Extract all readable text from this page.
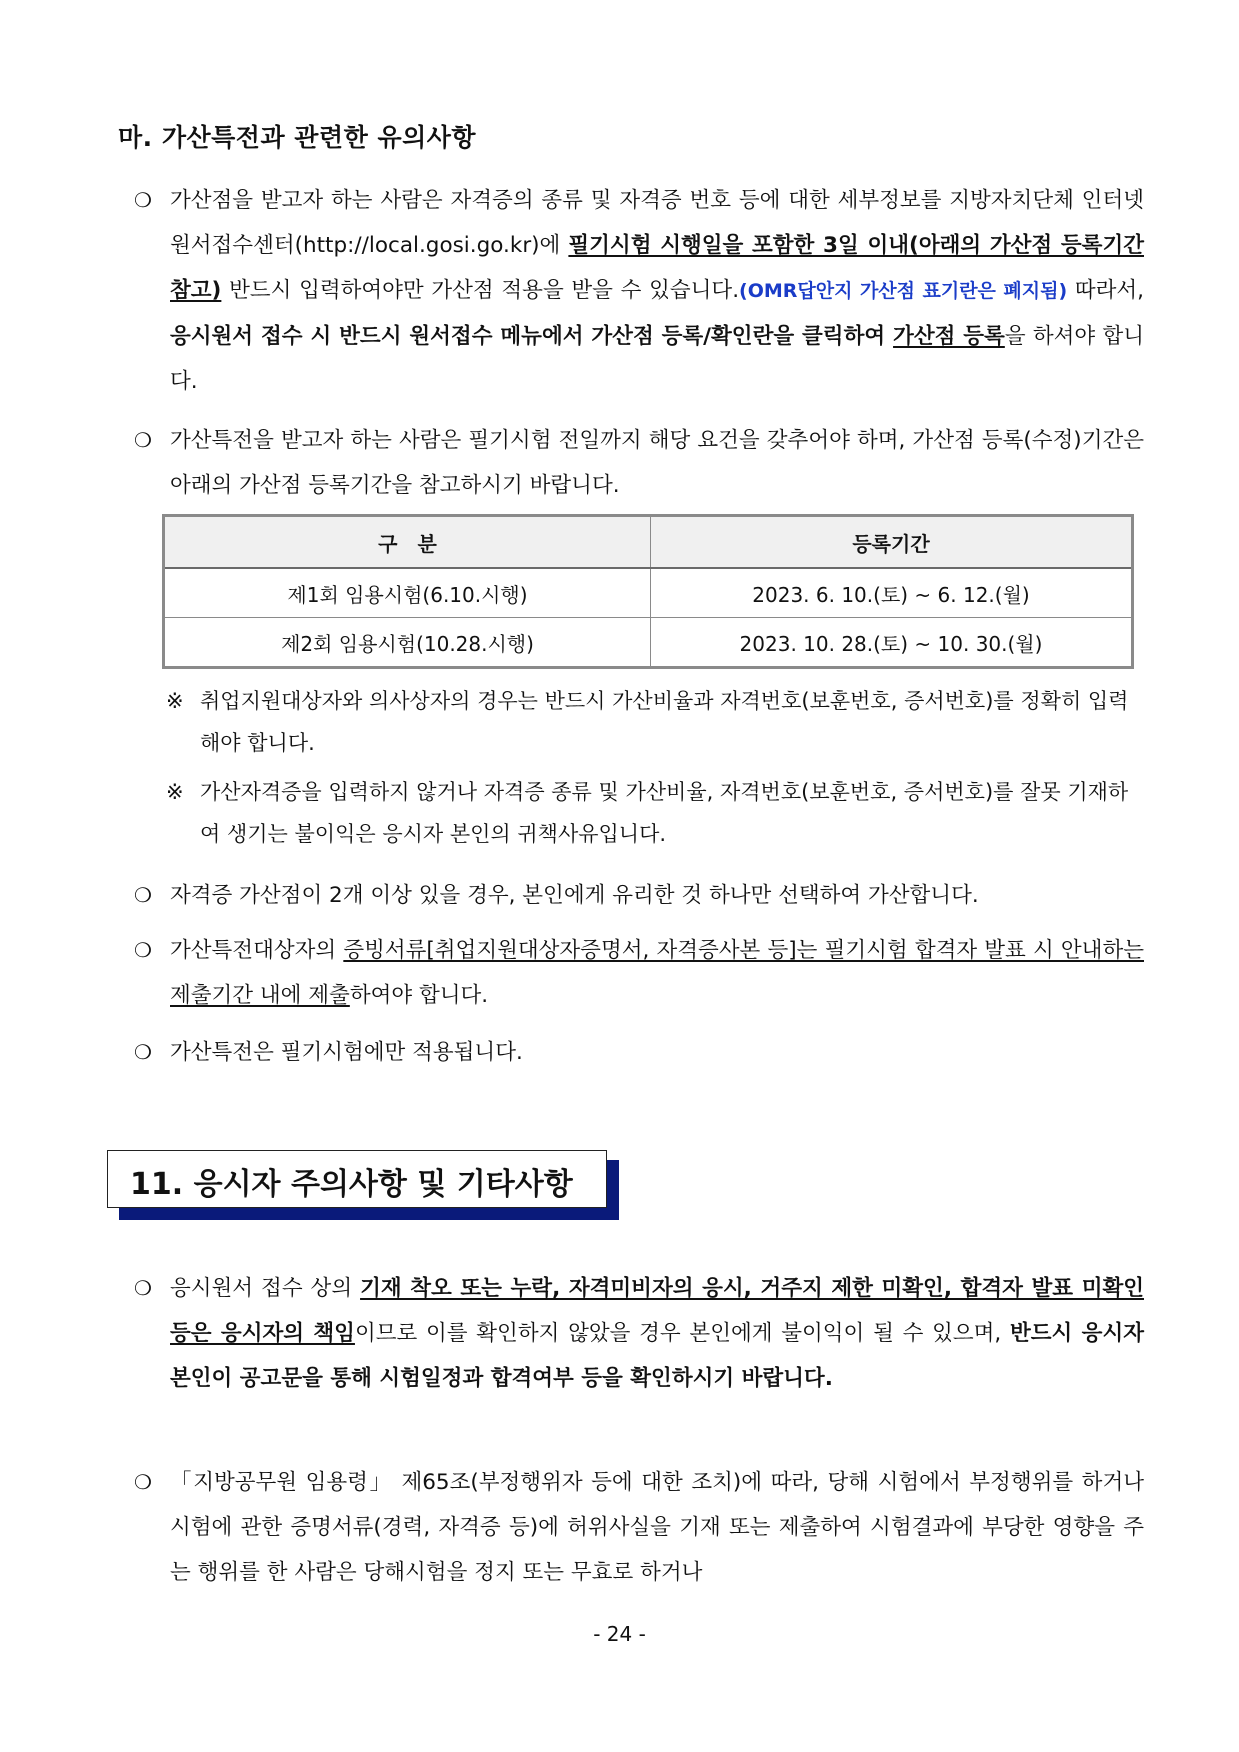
마. 가산특전과 관련한 유의사항
❍ 가산점을 받고자 하는 사람은 자격증의 종류 및 자격증 번호 등에 대한 세부정보를 지방자치단체 인터넷원서접수센터(http://local.gosi.go.kr)에 필기시험 시행일을 포함한 3일 이내(아래의 가산점 등록기간 참고) 반드시 입력하여야만 가산점 적용을 받을 수 있습니다.(OMR답안지 가산점 표기란은 폐지됨) 따라서, 응시원서 접수 시 반드시 원서접수 메뉴에서 가산점 등록/확인란을 클릭하여 가산점 등록을 하셔야 합니다.
❍ 가산특전을 받고자 하는 사람은 필기시험 전일까지 해당 요건을 갖추어야 하며, 가산점 등록(수정)기간은 아래의 가산점 등록기간을 참고하시기 바랍니다.
구　분	등록기간
제1회 임용시험(6.10.시행)	2023. 6. 10.(토) ~ 6. 12.(월)
제2회 임용시험(10.28.시행)	2023. 10. 28.(토) ~ 10. 30.(월)
※ 취업지원대상자와 의사상자의 경우는 반드시 가산비율과 자격번호(보훈번호, 증서번호)를 정확히 입력해야 합니다.
※ 가산자격증을 입력하지 않거나 자격증 종류 및 가산비율, 자격번호(보훈번호, 증서번호)를 잘못 기재하여 생기는 불이익은 응시자 본인의 귀책사유입니다.
❍ 자격증 가산점이 2개 이상 있을 경우, 본인에게 유리한 것 하나만 선택하여 가산합니다.
❍ 가산특전대상자의 증빙서류[취업지원대상자증명서, 자격증사본 등]는 필기시험 합격자 발표 시 안내하는 제출기간 내에 제출하여야 합니다.
❍ 가산특전은 필기시험에만 적용됩니다.
11. 응시자 주의사항 및 기타사항
❍ 응시원서 접수 상의 기재 착오 또는 누락, 자격미비자의 응시, 거주지 제한 미확인, 합격자 발표 미확인 등은 응시자의 책임이므로 이를 확인하지 않았을 경우 본인에게 불이익이 될 수 있으며, 반드시 응시자 본인이 공고문을 통해 시험일정과 합격여부 등을 확인하시기 바랍니다.
❍ 「지방공무원 임용령」 제65조(부정행위자 등에 대한 조치)에 따라, 당해 시험에서 부정행위를 하거나 시험에 관한 증명서류(경력, 자격증 등)에 허위사실을 기재 또는 제출하여 시험결과에 부당한 영향을 주는 행위를 한 사람은 당해시험을 정지 또는 무효로 하거나
- 24 -
